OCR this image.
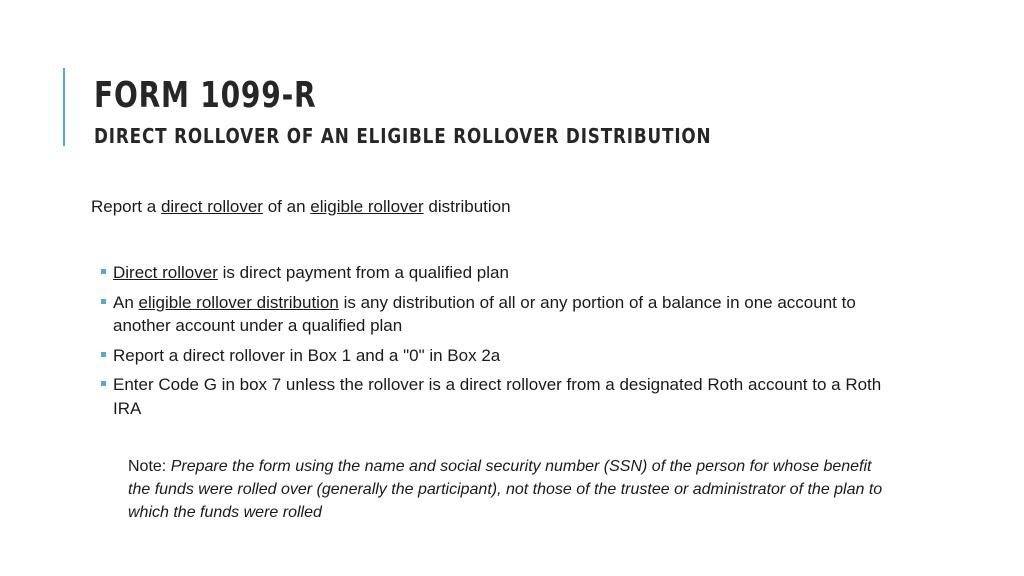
FORM 1099-R
DIRECT ROLLOVER OF AN ELIGIBLE ROLLOVER DISTRIBUTION

Report a direct rollover of an eligible rollover distribution

Direct rollover is direct payment from a qualified plan
An eligible rollover distribution is any distribution of all or any portion of a balance in one account to another account under a qualified plan
Report a direct rollover in Box 1 and a "0" in Box 2a
Enter Code G in box 7 unless the rollover is a direct rollover from a designated Roth account to a Roth IRA

Note: Prepare the form using the name and social security number (SSN) of the person for whose benefit the funds were rolled over (generally the participant), not those of the trustee or administrator of the plan to which the funds were rolled
